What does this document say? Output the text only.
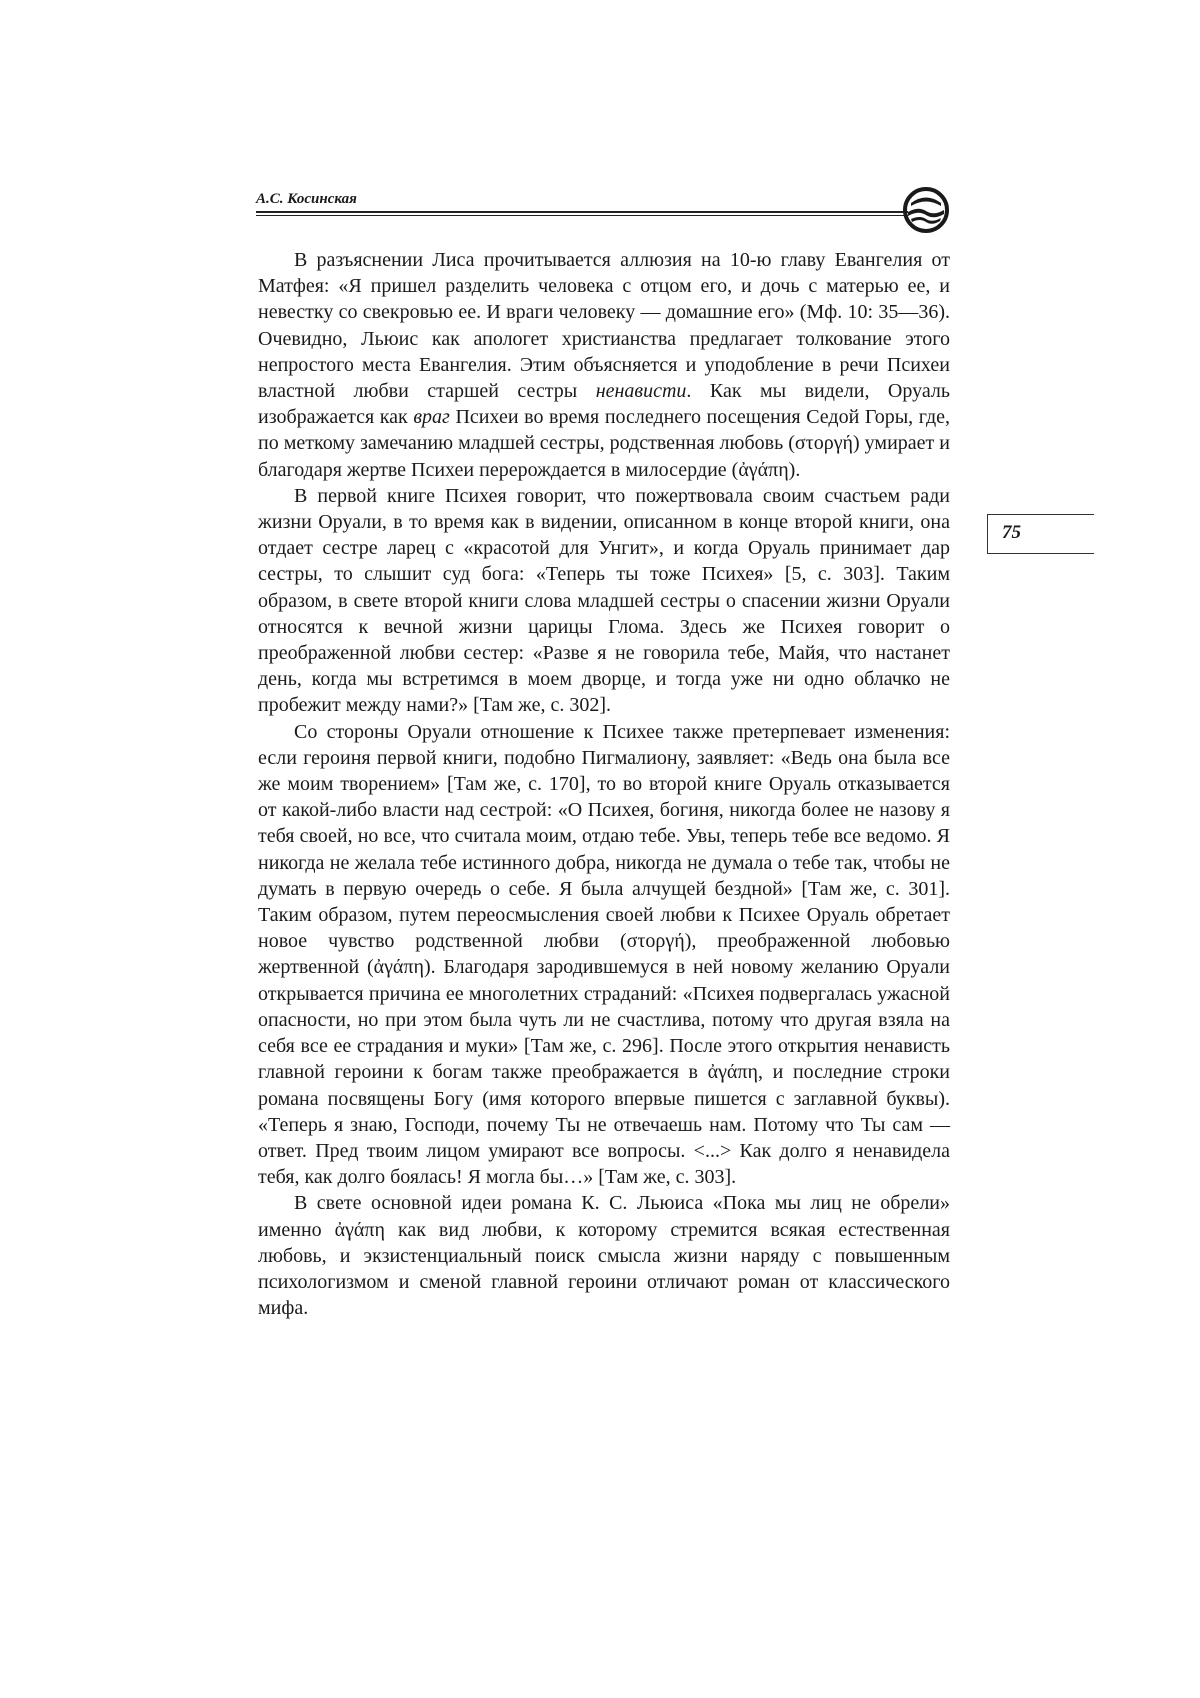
А.С. Косинская
75

В разъяснении Лиса прочитывается аллюзия на 10-ю главу Евангелия от Матфея: «Я пришел разделить человека с отцом его, и дочь с матерью ее, и невестку со свекровью ее. И враги человеку — домашние его» (Мф. 10: 35—36). Очевидно, Льюис как апологет христианства предлагает толкование этого непростого места Евангелия. Этим объясняется и уподобление в речи Психеи властной любви старшей сестры ненависти. Как мы видели, Оруаль изображается как враг Психеи во время последнего посещения Седой Горы, где, по меткому замечанию младшей сестры, родственная любовь (στοργή) умирает и благодаря жертве Психеи перерождается в милосердие (ἀγάπη).

В первой книге Психея говорит, что пожертвовала своим счастьем ради жизни Оруали, в то время как в видении, описанном в конце второй книги, она отдает сестре ларец с «красотой для Унгит», и когда Оруаль принимает дар сестры, то слышит суд бога: «Теперь ты тоже Психея» [5, с. 303]. Таким образом, в свете второй книги слова младшей сестры о спасении жизни Оруали относятся к вечной жизни царицы Глома. Здесь же Психея говорит о преображенной любви сестер: «Разве я не говорила тебе, Майя, что настанет день, когда мы встретимся в моем дворце, и тогда уже ни одно облачко не пробежит между нами?» [Там же, с. 302].

Со стороны Оруали отношение к Психее также претерпевает изменения: если героиня первой книги, подобно Пигмалиону, заявляет: «Ведь она была все же моим творением» [Там же, с. 170], то во второй книге Оруаль отказывается от какой-либо власти над сестрой: «О Психея, богиня, никогда более не назову я тебя своей, но все, что считала моим, отдаю тебе. Увы, теперь тебе все ведомо. Я никогда не желала тебе истинного добра, никогда не думала о тебе так, чтобы не думать в первую очередь о себе. Я была алчущей бездной» [Там же, с. 301]. Таким образом, путем переосмысления своей любви к Психее Оруаль обретает новое чувство родственной любви (στοργή), преображенной любовью жертвенной (ἀγάπη). Благодаря зародившемуся в ней новому желанию Оруали открывается причина ее многолетних страданий: «Психея подвергалась ужасной опасности, но при этом была чуть ли не счастлива, потому что другая взяла на себя все ее страдания и муки» [Там же, с. 296]. После этого открытия ненависть главной героини к богам также преображается в ἀγάπη, и последние строки романа посвящены Богу (имя которого впервые пишется с заглавной буквы). «Теперь я знаю, Господи, почему Ты не отвечаешь нам. Потому что Ты сам — ответ. Пред твоим лицом умирают все вопросы. <...> Как долго я ненавидела тебя, как долго боялась! Я могла бы…» [Там же, с. 303].

В свете основной идеи романа К. С. Льюиса «Пока мы лиц не обрели» именно ἀγάπη как вид любви, к которому стремится всякая естественная любовь, и экзистенциальный поиск смысла жизни наряду с повышенным психологизмом и сменой главной героини отличают роман от классического мифа.
